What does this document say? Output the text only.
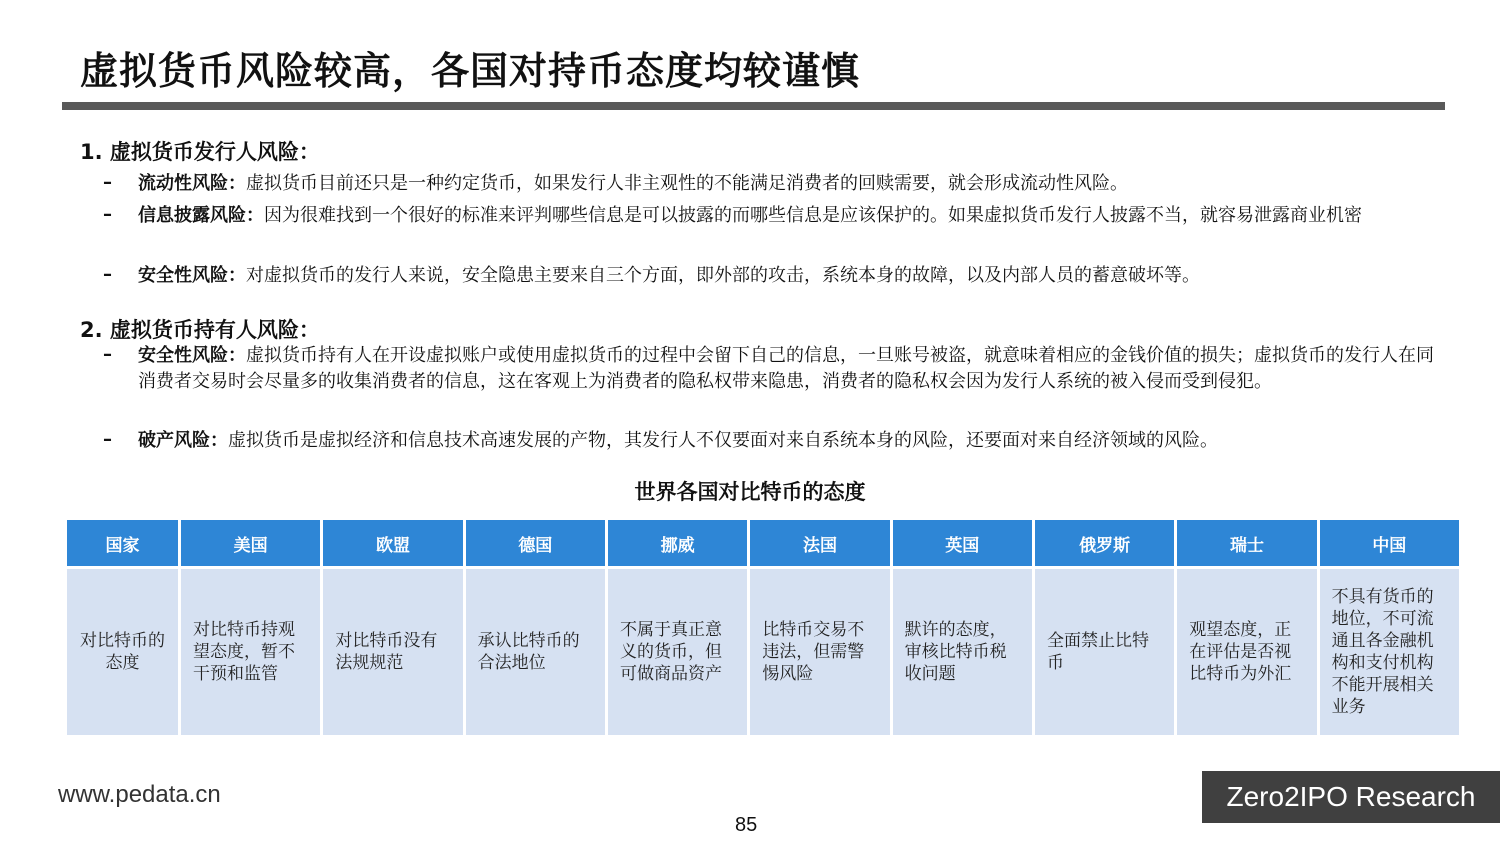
虚拟货币风险较高，各国对持币态度均较谨慎
1. 虚拟货币发行人风险：
– 流动性风险：虚拟货币目前还只是一种约定货币，如果发行人非主观性的不能满足消费者的回赎需要，就会形成流动性风险。
– 信息披露风险：因为很难找到一个很好的标准来评判哪些信息是可以披露的而哪些信息是应该保护的。如果虚拟货币发行人披露不当，就容易泄露商业机密
– 安全性风险：对虚拟货币的发行人来说，安全隐患主要来自三个方面，即外部的攻击，系统本身的故障，以及内部人员的蓄意破坏等。
2. 虚拟货币持有人风险：
– 安全性风险：虚拟货币持有人在开设虚拟账户或使用虚拟货币的过程中会留下自己的信息，一旦账号被盗，就意味着相应的金钱价值的损失；虚拟货币的发行人在同消费者交易时会尽量多的收集消费者的信息，这在客观上为消费者的隐私权带来隐患，消费者的隐私权会因为发行人系统的被入侵而受到侵犯。
– 破产风险：虚拟货币是虚拟经济和信息技术高速发展的产物，其发行人不仅要面对来自系统本身的风险，还要面对来自经济领域的风险。
世界各国对比特币的态度
国家	美国	欧盟	德国	挪威	法国	英国	俄罗斯	瑞士	中国
对比特币的态度	对比特币持观望态度，暂不干预和监管	对比特币没有法规规范	承认比特币的合法地位	不属于真正意义的货币，但可做商品资产	比特币交易不违法，但需警惕风险	默许的态度，审核比特币税收问题	全面禁止比特币	观望态度，正在评估是否视比特币为外汇	不具有货币的地位，不可流通且各金融机构和支付机构不能开展相关业务
www.pedata.cn
85
Zero2IPO Research
